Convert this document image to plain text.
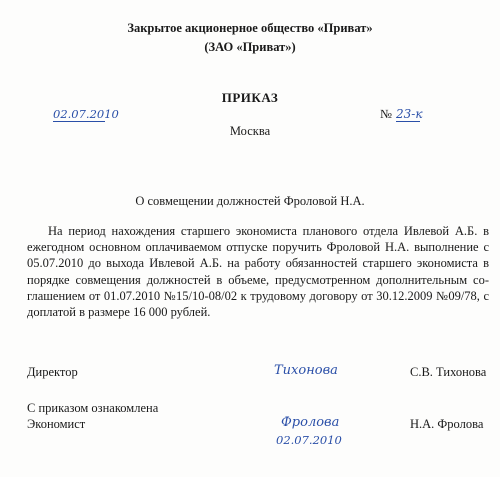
Закрытое акционерное общество «Приват»
(ЗАО «Приват»)
ПРИКАЗ
02.07.2010	№ 23-к
Москва
О совмещении должностей Фроловой Н.А.
На период нахождения старшего экономиста планового отдела Ивлевой А.Б. в ежегодном основном оплачиваемом отпуске поручить Фроловой Н.А. выполнение с 05.07.2010 до выхода Ивлевой А.Б. на работу обязанностей старшего экономиста в порядке совмещения должностей в объеме, предусмотренном дополнительным со-глашением от 01.07.2010 №15/10-08/02 к трудовому договору от 30.12.2009 №09/78, с доплатой в размере 16 000 рублей.
Директор	Тихонова	С.В. Тихонова
С приказом ознакомлена
Экономист	Фролова	Н.А. Фролова
02.07.2010
